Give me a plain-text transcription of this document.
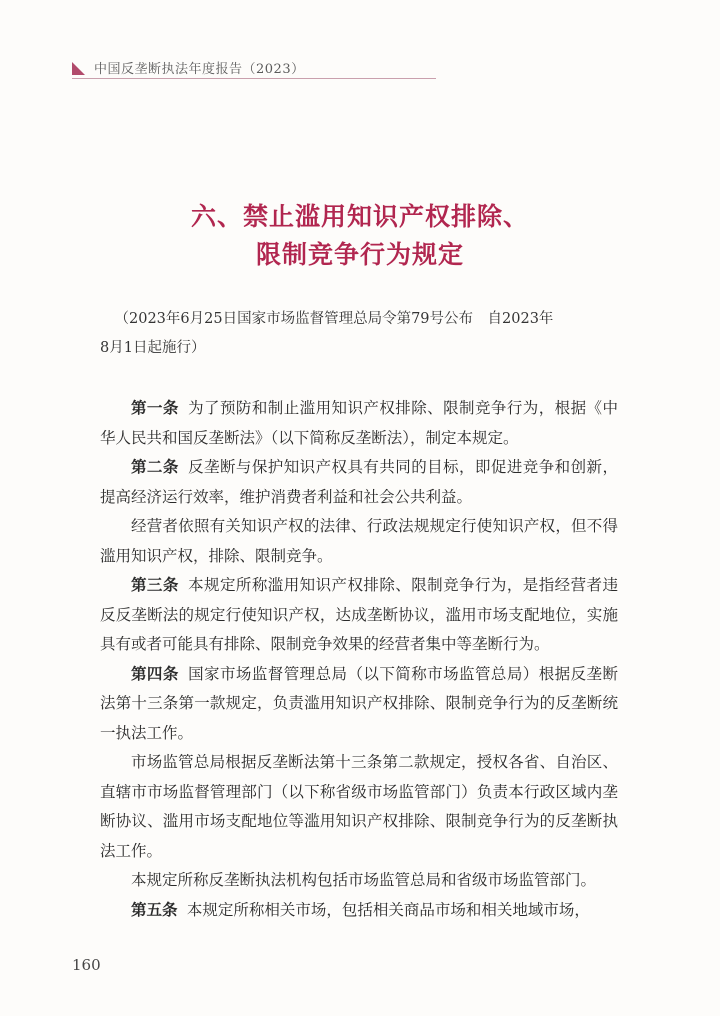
中国反垄断执法年度报告（2023）
六、禁止滥用知识产权排除、
限制竞争行为规定
（2023年6月25日国家市场监督管理总局令第79号公布　自2023年
8月1日起施行）

第一条 为了预防和制止滥用知识产权排除、限制竞争行为，根据《中华人民共和国反垄断法》（以下简称反垄断法），制定本规定。

第二条 反垄断与保护知识产权具有共同的目标，即促进竞争和创新，提高经济运行效率，维护消费者利益和社会公共利益。

经营者依照有关知识产权的法律、行政法规规定行使知识产权，但不得滥用知识产权，排除、限制竞争。

第三条 本规定所称滥用知识产权排除、限制竞争行为，是指经营者违反反垄断法的规定行使知识产权，达成垄断协议，滥用市场支配地位，实施具有或者可能具有排除、限制竞争效果的经营者集中等垄断行为。

第四条 国家市场监督管理总局（以下简称市场监管总局）根据反垄断法第十三条第一款规定，负责滥用知识产权排除、限制竞争行为的反垄断统一执法工作。

市场监管总局根据反垄断法第十三条第二款规定，授权各省、自治区、直辖市市场监督管理部门（以下称省级市场监管部门）负责本行政区域内垄断协议、滥用市场支配地位等滥用知识产权排除、限制竞争行为的反垄断执法工作。

本规定所称反垄断执法机构包括市场监管总局和省级市场监管部门。

第五条 本规定所称相关市场，包括相关商品市场和相关地域市场，

160
